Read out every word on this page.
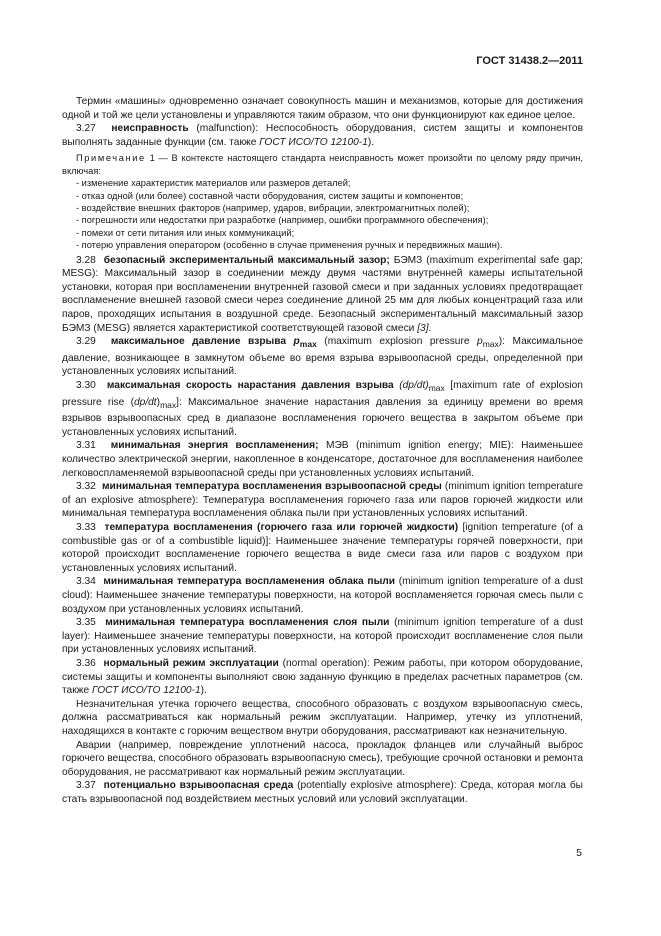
ГОСТ 31438.2—2011

Термин «машины» одновременно означает совокупность машин и механизмов, которые для достижения одной и той же цели установлены и управляются таким образом, что они функционируют как единое целое.

3.27 неисправность (malfunction): Неспособность оборудования, систем защиты и компонентов выполнять заданные функции (см. также ГОСТ ИСО/ТО 12100-1).

Примечание 1 — В контексте настоящего стандарта неисправность может произойти по целому ряду причин, включая:
- изменение характеристик материалов или размеров деталей;
- отказ одной (или более) составной части оборудования, систем защиты и компонентов;
- воздействие внешних факторов (например, ударов, вибрации, электромагнитных полей);
- погрешности или недостатки при разработке (например, ошибки программного обеспечения);
- помехи от сети питания или иных коммуникаций;
- потерю управления оператором (особенно в случае применения ручных и передвижных машин).

3.28 безопасный экспериментальный максимальный зазор; БЭМЗ (maximum experimental safe gap; MESG): Максимальный зазор в соединении между двумя частями внутренней камеры испытательной установки, которая при воспламенении внутренней газовой смеси и при заданных условиях предотвращает воспламенение внешней газовой смеси через соединение длиной 25 мм для любых концентраций газа или паров, проходящих испытания в воздушной среде. Безопасный экспериментальный максимальный зазор БЭМЗ (MESG) является характеристикой соответствующей газовой смеси [3].

3.29 максимальное давление взрыва $p_{max}$ (maximum explosion pressure $p_{max}$): Максимальное давление, возникающее в замкнутом объеме во время взрыва взрывоопасной среды, определенной при установленных условиях испытаний.

3.30 максимальная скорость нарастания давления взрыва $(dp/dt)_{max}$ [maximum rate of explosion pressure rise $(dp/dt)_{max}$]: Максимальное значение нарастания давления за единицу времени во время взрывов взрывоопасных сред в диапазоне воспламенения горючего вещества в закрытом объеме при установленных условиях испытаний.

3.31 минимальная энергия воспламенения; МЭВ (minimum ignition energy; MIE): Наименьшее количество электрической энергии, накопленное в конденсаторе, достаточное для воспламенения наиболее легковоспламеняемой взрывоопасной среды при установленных условиях испытаний.

3.32 минимальная температура воспламенения взрывоопасной среды (minimum ignition temperature of an explosive atmosphere): Температура воспламенения горючего газа или паров горючей жидкости или минимальная температура воспламенения облака пыли при установленных условиях испытаний.

3.33 температура воспламенения (горючего газа или горючей жидкости) [ignition temperature (of a combustible gas or of a combustible liquid)]: Наименьшее значение температуры горячей поверхности, при которой происходит воспламенение горючего вещества в виде смеси газа или паров с воздухом при установленных условиях испытаний.

3.34 минимальная температура воспламенения облака пыли (minimum ignition temperature of a dust cloud): Наименьшее значение температуры поверхности, на которой воспламеняется горючая смесь пыли с воздухом при установленных условиях испытаний.

3.35 минимальная температура воспламенения слоя пыли (minimum ignition temperature of a dust layer): Наименьшее значение температуры поверхности, на которой происходит воспламенение слоя пыли при установленных условиях испытаний.

3.36 нормальный режим эксплуатации (normal operation): Режим работы, при котором оборудование, системы защиты и компоненты выполняют свою заданную функцию в пределах расчетных параметров (см. также ГОСТ ИСО/ТО 12100-1).

Незначительная утечка горючего вещества, способного образовать с воздухом взрывоопасную смесь, должна рассматриваться как нормальный режим эксплуатации. Например, утечку из уплотнений, находящихся в контакте с горючим веществом внутри оборудования, рассматривают как незначительную.

Аварии (например, повреждение уплотнений насоса, прокладок фланцев или случайный выброс горючего вещества, способного образовать взрывоопасную смесь), требующие срочной остановки и ремонта оборудования, не рассматривают как нормальный режим эксплуатации.

3.37 потенциально взрывоопасная среда (potentially explosive atmosphere): Среда, которая могла бы стать взрывоопасной под воздействием местных условий или условий эксплуатации.

5
